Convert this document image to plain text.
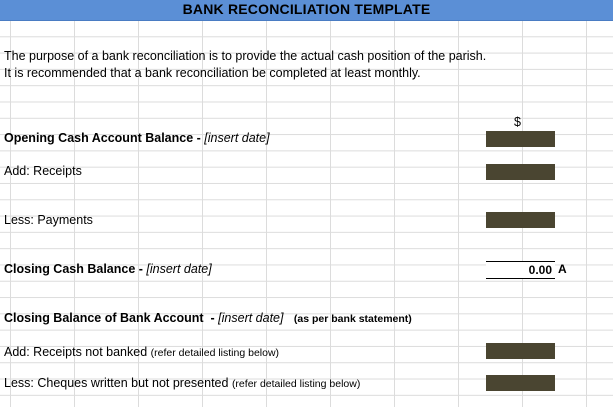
BANK RECONCILIATION TEMPLATE
The purpose of a bank reconciliation is to provide the actual cash position of the parish.
It is recommended that a bank reconciliation be completed at least monthly.
$
Opening Cash Account Balance - [insert date]
Add: Receipts
Less: Payments
Closing Cash Balance - [insert date]	0.00 A
Closing Balance of Bank Account  - [insert date] (as per bank statement)
Add: Receipts not banked (refer detailed listing below)
Less: Cheques written but not presented (refer detailed listing below)
